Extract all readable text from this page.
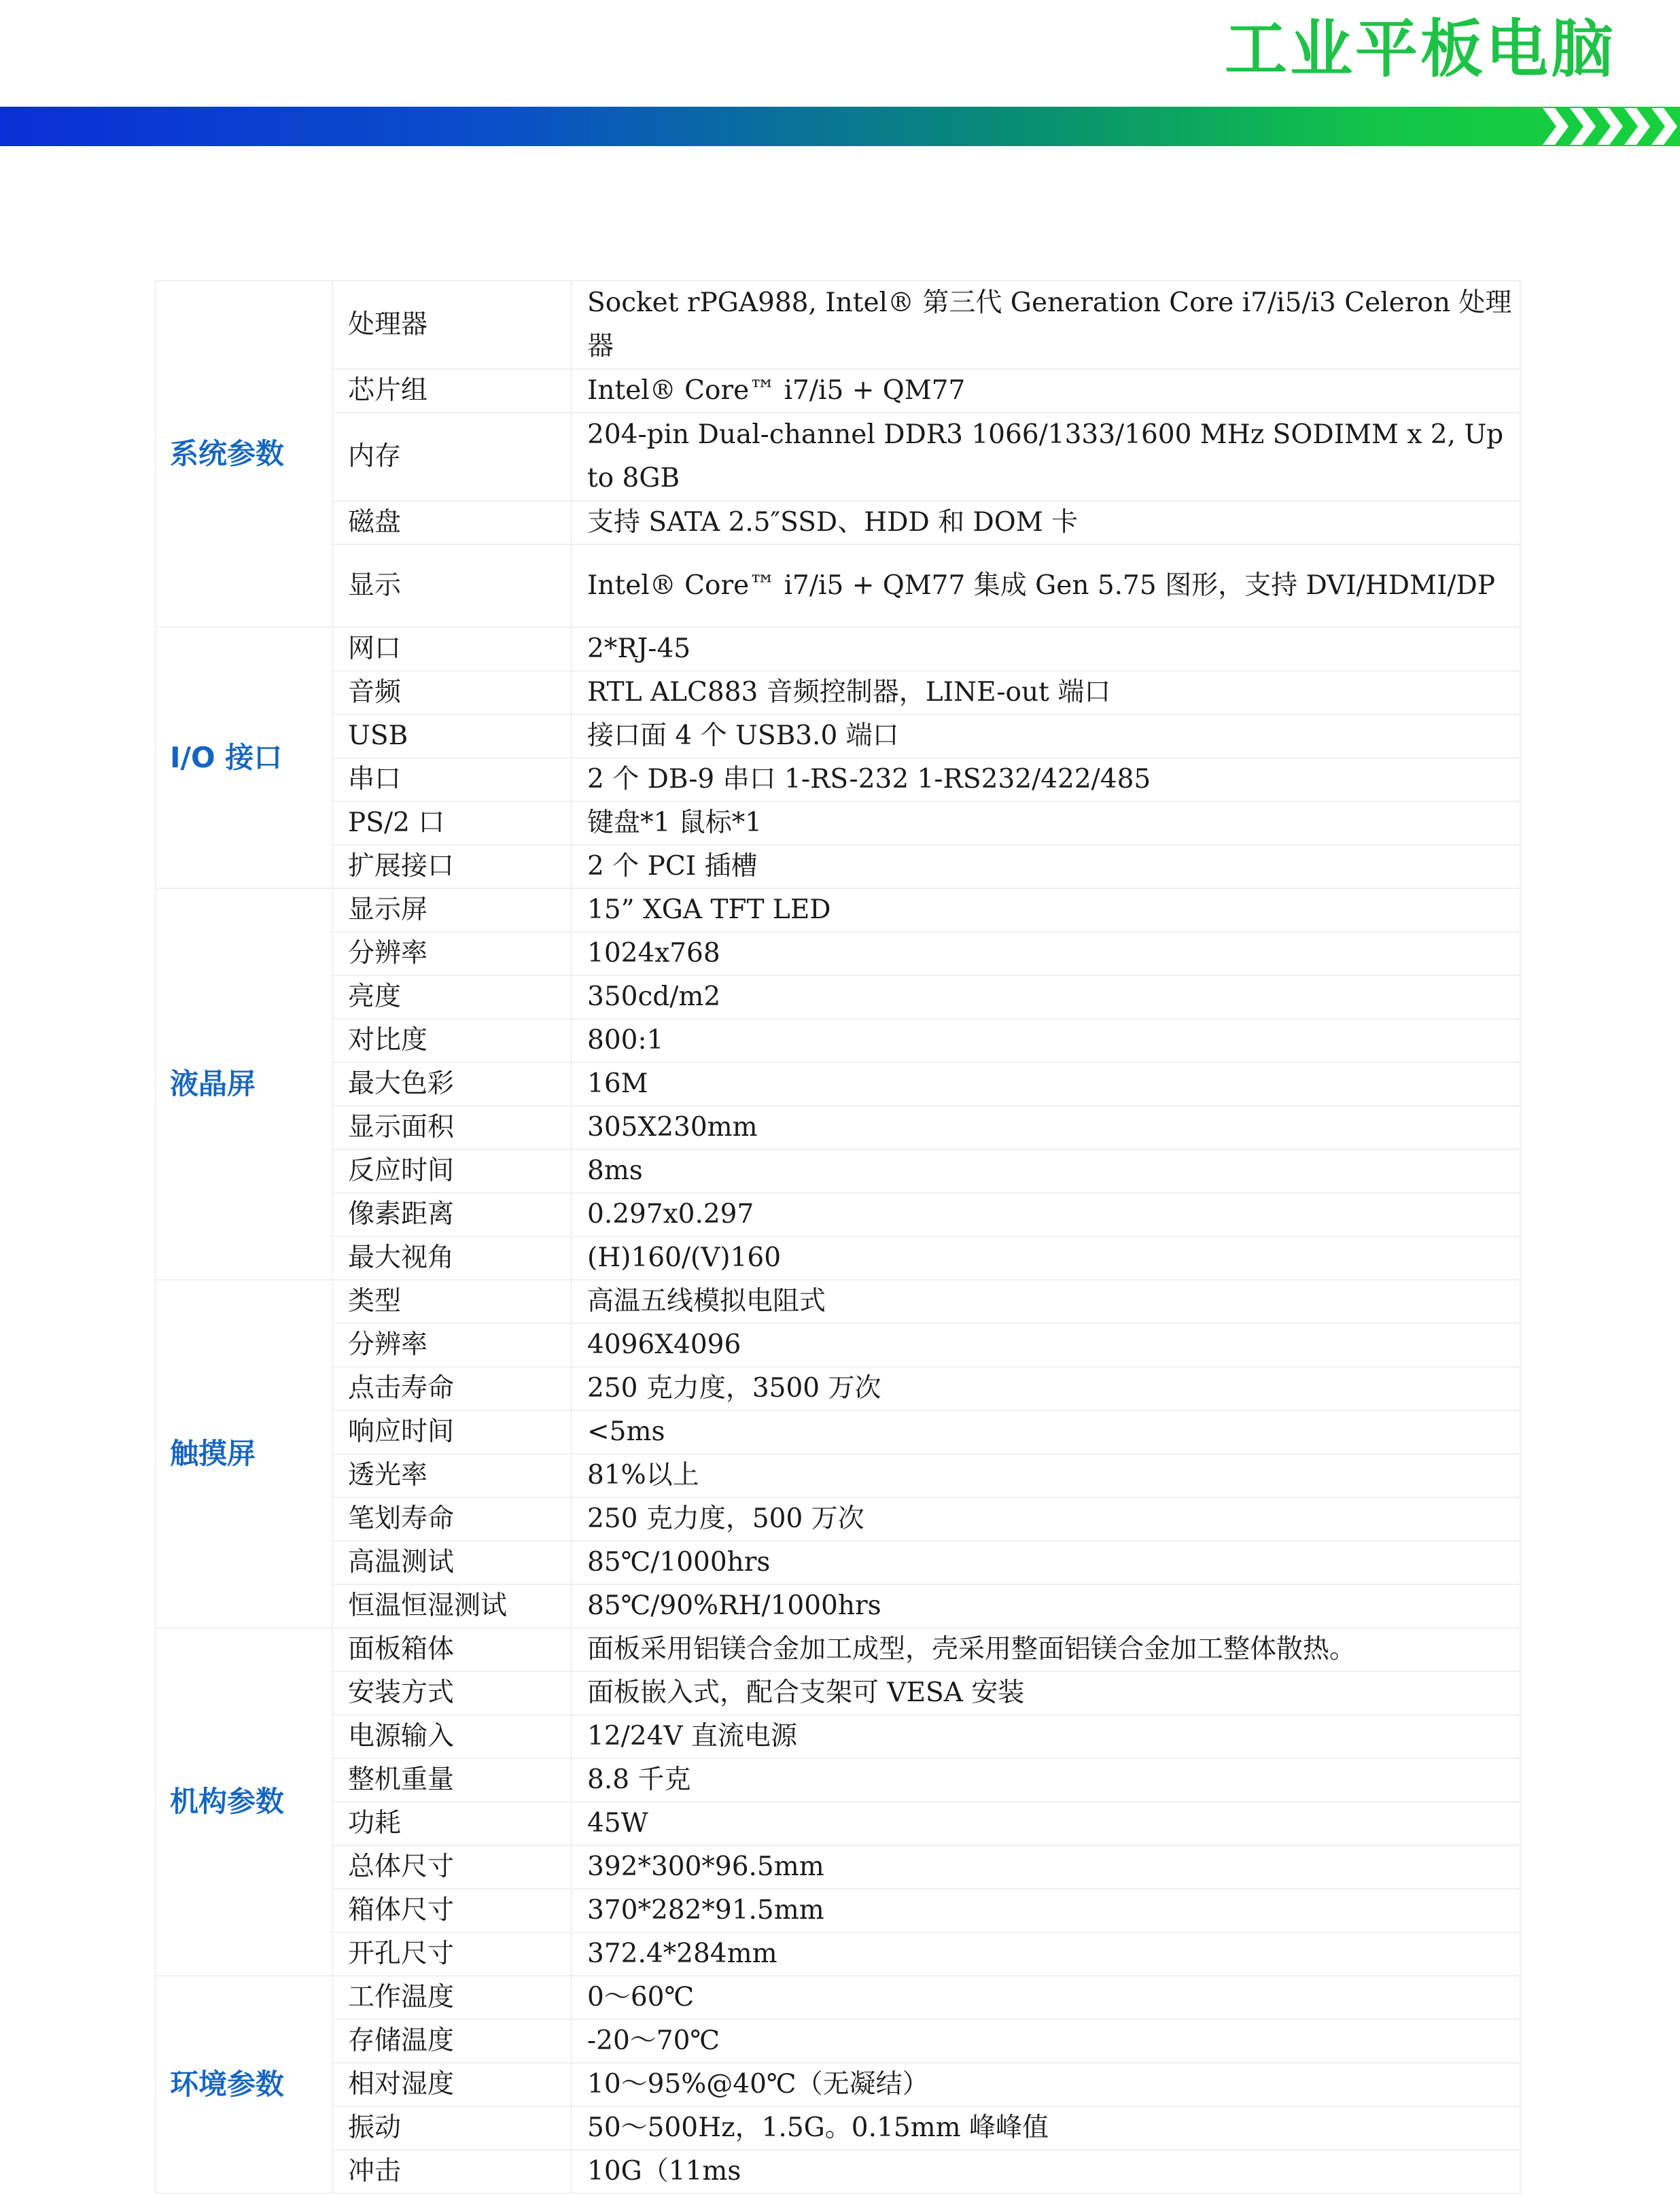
工业平板电脑
系统参数	处理器	Socket rPGA988, Intel® 第三代 Generation Core i7/i5/i3 Celeron 处理器
	芯片组	Intel® Core™ i7/i5 + QM77
	内存	204-pin Dual-channel DDR3 1066/1333/1600 MHz SODIMM x 2, Up to 8GB
	磁盘	支持 SATA 2.5″SSD、HDD 和 DOM 卡
	显示	Intel® Core™ i7/i5 + QM77 集成 Gen 5.75 图形，支持 DVI/HDMI/DP
I/O 接口	网口	2*RJ-45
	音频	RTL ALC883 音频控制器，LINE-out 端口
	USB	接口面 4 个 USB3.0 端口
	串口	2 个 DB-9 串口 1-RS-232 1-RS232/422/485
	PS/2 口	键盘*1 鼠标*1
	扩展接口	2 个 PCI 插槽
液晶屏	显示屏	15” XGA TFT LED
	分辨率	1024x768
	亮度	350cd/m2
	对比度	800:1
	最大色彩	16M
	显示面积	305X230mm
	反应时间	8ms
	像素距离	0.297x0.297
	最大视角	(H)160/(V)160
触摸屏	类型	高温五线模拟电阻式
	分辨率	4096X4096
	点击寿命	250 克力度，3500 万次
	响应时间	<5ms
	透光率	81%以上
	笔划寿命	250 克力度，500 万次
	高温测试	85℃/1000hrs
	恒温恒湿测试	85℃/90%RH/1000hrs
机构参数	面板箱体	面板采用铝镁合金加工成型，壳采用整面铝镁合金加工整体散热。
	安装方式	面板嵌入式，配合支架可 VESA 安装
	电源输入	12/24V 直流电源
	整机重量	8.8 千克
	功耗	45W
	总体尺寸	392*300*96.5mm
	箱体尺寸	370*282*91.5mm
	开孔尺寸	372.4*284mm
环境参数	工作温度	0～60℃
	存储温度	-20～70℃
	相对湿度	10～95%@40℃（无凝结）
	振动	50～500Hz，1.5G。0.15mm 峰峰值
	冲击	10G（11ms
